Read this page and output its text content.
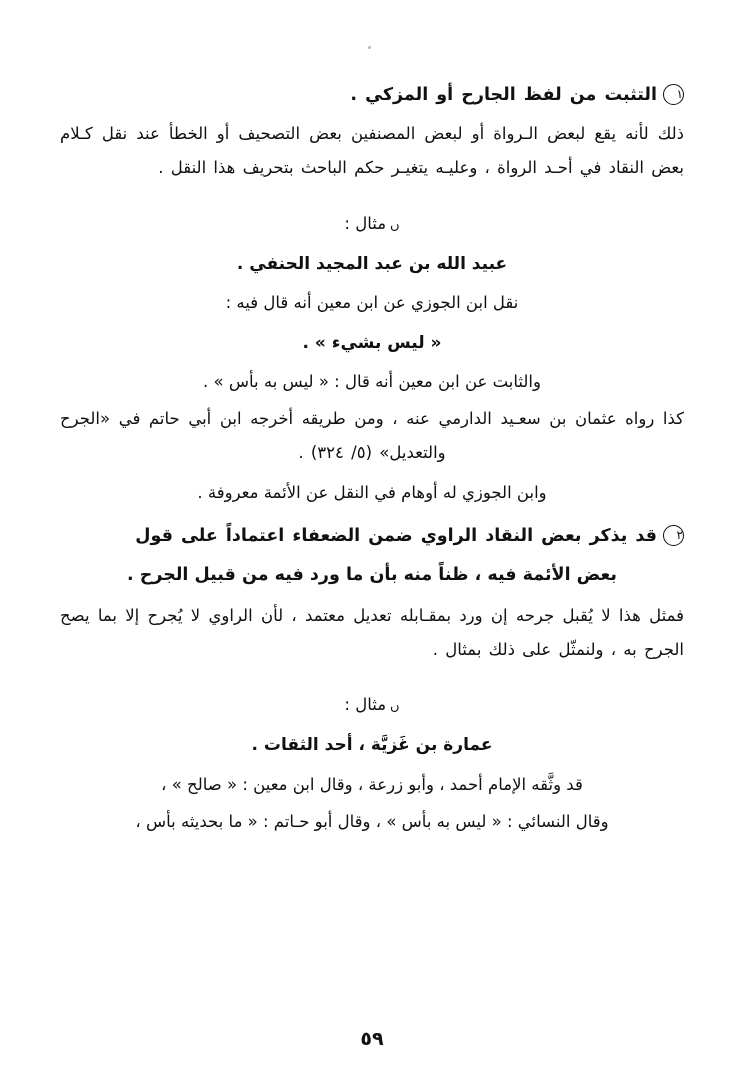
١التثبت من لفظ الجارح أو المزكي .

ذلك لأنه يقع لبعض الـرواة أو لبعض المصنفين بعض التصحيف أو الخطأ عند نقل كـلام بعض النقاد في أحـد الرواة ، وعليـه يتغيـر حكم الباحث بتحريف هذا النقل .

ںمثال :
عبيد الله بن عبد المجيد الحنفي .
نقل ابن الجوزي عن ابن معين أنه قال فيه :
« ليس بشيء » .
والثابت عن ابن معين أنه قال : « ليس به بأس » .

كذا رواه عثمان بن سعـيد الدارمي عنه ، ومن طريقه أخرجه ابن أبي حاتم في «الجرح والتعديل» (٥/ ٣٢٤) .

وابن الجوزي له أوهام في النقل عن الأئمة معروفة .
٢قد يذكر بعض النقاد الراوي ضمن الضعفاء اعتماداً على قول
بعض الأئمة فيه ، ظناً منه بأن ما ورد فيه من قبيل الجرح .

فمثل هذا لا يُقبل جرحه إن ورد بمقـابله تعديل معتمد ، لأن الراوي لا يُجرح إلا بما يصح الجرح به ، ولنمثّل على ذلك بمثال .

ںمثال :
عمارة بن غَزيَّة ، أحد الثقات .
قد وثَّقه الإمام أحمد ، وأبو زرعة ، وقال ابن معين : « صالح » ،
وقال النسائي : « ليس به بأس » ، وقال أبو حـاتم : « ما بحديثه بأس ،
٥٩
